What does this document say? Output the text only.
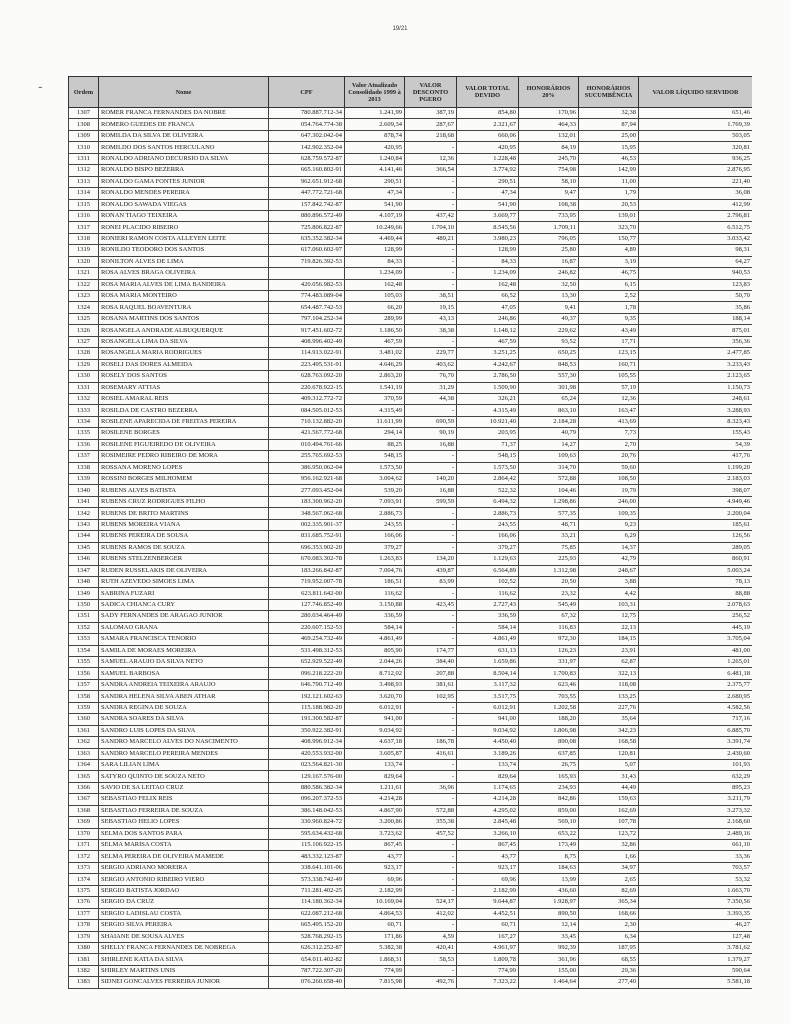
19/21
-	Ordem	Nome	CPF	Valor Atualizado Consolidado 1999 à 2013	VALOR DESCONTO PGERO	VALOR TOTAL DEVIDO	HONORÁRIOS 20%	HONORÁRIOS SUCUMBÊNCIA	VALOR LÍQUIDO SERVIDOR
1307	ROMER FRANCA FERNANDES DA NOBRE	780.887.712-34	1.241,99	387,19	854,80	170,96	32,38	651,46
1308	ROMERO GUEDES DE FRANCA	054.764.774-38	2.609,34	287,67	2.321,67	464,33	87,94	1.769,39
1309	ROMILDA DA SILVA DE OLIVEIRA	647.302.042-04	878,74	218,68	660,06	132,01	25,00	503,05
1310	ROMILDO DOS SANTOS HERCULANO	142.902.352-04	420,95	-	420,95	84,19	15,95	320,81
1311	RONALDO ADRIANO DECURSIO DA SILVA	628.759.572-87	1.240,84	12,36	1.228,48	245,70	46,53	936,25
1312	RONALDO BISPO BEZERRA	665.160.802-91	4.141,46	366,54	3.774,92	754,98	142,99	2.876,95
1313	RONALDO GAMA FONTES JUNIOR	962.651.912-68	290,51	-	290,51	58,10	11,00	221,40
1314	RONALDO MENDES PEREIRA	447.772.721-68	47,34	-	47,34	9,47	1,79	36,08
1315	RONALDO SAWADA VIEGAS	157.842.742-87	541,90	-	541,90	108,38	20,53	412,99
1316	RONAN TIAGO TEIXEIRA	880.896.572-49	4.107,19	437,42	3.669,77	733,95	139,01	2.796,81
1317	RONEI PLACIDO RIBEIRO	725.806.822-87	10.249,66	1.704,10	8.545,56	1.709,11	323,70	6.512,75
1318	RONIERI RAMON COSTA ALLEYEN LEITE	635.352.382-34	4.469,44	489,21	3.980,23	796,05	150,77	3.033,42
1319	RONILDO TEODORO DOS SANTOS	617.060.602-97	128,99	-	128,99	25,80	4,89	98,31
1320	RONILTON ALVES DE LIMA	719.826.392-53	84,33	-	84,33	16,87	3,19	64,27
1321	ROSA ALVES BRAGA OLIVEIRA		1.234,09	-	1.234,09	246,82	46,75	940,53
1322	ROSA MARIA ALVES DE LIMA BANDEIRA	420.056.982-53	162,48	-	162,48	32,50	6,15	123,83
1323	ROSA MARIA MONTEIRO	774.483.089-04	105,03	38,51	66,52	13,30	2,52	50,70
1324	ROSA RAQUEL BOAVENTURA	654.487.742-53	66,20	19,15	47,05	9,41	1,78	35,86
1325	ROSANA MARTINS DOS SANTOS	797.104.252-34	289,99	43,13	246,86	49,37	9,35	188,14
1326	ROSANGELA ANDRADE ALBUQUERQUE	917.451.602-72	1.186,50	38,38	1.148,12	229,62	43,49	875,01
1327	ROSANGELA LIMA DA SILVA	408.996.402-49	467,59	-	467,59	93,52	17,71	356,36
1328	ROSANGELA MARIA RODRIGUES	114.913.022-91	3.481,02	229,77	3.251,25	650,25	123,15	2.477,85
1329	ROSELI DAS DORES ALMEIDA	223.495.531-91	4.646,29	403,62	4.242,67	848,53	160,71	3.233,43
1330	ROSELY DOS SANTOS	628.763.092-20	2.863,20	76,70	2.786,50	557,30	105,55	2.123,65
1331	ROSEMARY ATTIAS	220.678.922-15	1.541,19	31,29	1.509,90	301,98	57,19	1.150,73
1332	ROSIEL AMARAL REIS	409.312.772-72	370,59	44,38	326,21	65,24	12,36	248,61
1333	ROSILDA DE CASTRO BEZERRA	084.505.012-53	4.315,49	-	4.315,49	863,10	163,47	3.288,93
1334	ROSILENE APARECIDA DE FREITAS PEREIRA	710.132.882-20	11.611,99	690,59	10.921,40	2.184,28	413,69	8.323,43
1335	ROSILENE BORGES	421.567.772-68	294,14	90,19	203,95	40,79	7,73	155,43
1336	ROSILENE FIGUEIREDO DE OLIVEIRA	010.494.761-66	88,25	16,88	71,37	14,27	2,70	54,39
1337	ROSIMEIRE PEDRO RIBEIRO DE MORA	255.765.692-53	548,15	-	548,15	109,63	20,76	417,76
1338	ROSSANA MORENO LOPES	386.950.062-04	1.573,50	-	1.573,50	314,70	59,60	1.199,20
1339	ROSSINI BORGES MILHOMEM	956.162.921-68	3.004,62	140,20	2.864,42	572,88	108,50	2.183,03
1340	RUBENS ALVES BATISTA	277.093.452-04	539,20	16,88	522,32	104,46	19,79	398,07
1341	RUBENS CRUZ RODRIGUES FILHO	183.300.962-20	7.093,91	599,59	6.494,32	1.298,86	246,00	4.949,46
1342	RUBENS DE BRITO MARTINS	348.567.062-68	2.886,73	-	2.886,73	577,35	109,35	2.200,04
1343	RUBENS MOREIRA VIANA	002.335.901-37	243,55	-	243,55	48,71	9,23	185,61
1344	RUBENS PEREIRA DE SOUSA	831.685.752-91	166,06	-	166,06	33,21	6,29	126,56
1345	RUBENS RAMOS DE SOUZA	696.353.902-20	379,27	-	379,27	75,85	14,37	289,05
1346	RUBENS STELZENBERGER	670.083.302-78	1.263,83	134,20	1.129,63	225,93	42,79	860,91
1347	RUDEN RUSSELAKIS DE OLIVEIRA	183.266.842-87	7.004,76	439,87	6.564,89	1.312,98	248,67	5.003,24
1348	RUTH AZEVEDO SIMOES LIMA	719.952.007-78	186,51	83,99	102,52	20,50	3,88	78,13
1349	SABRINA FUZARI	623.811.642-00	116,62	-	116,62	23,32	4,42	88,88
1350	SADICA CHIANCA CURY	127.746.852-49	3.150,88	423,45	2.727,43	545,49	103,31	2.078,63
1351	SADY FERNANDES DE ARAGAO JUNIOR	280.034.464-49	336,59	-	336,59	67,32	12,75	256,52
1352	SALOMAO GRANA	220.607.152-53	584,14	-	584,14	116,83	22,13	445,19
1353	SAMARA FRANCISCA TENORIO	469.254.732-49	4.861,49	-	4.861,49	972,30	184,15	3.705,04
1354	SAMILA DE MORAES MOREIRA	531.498.312-53	805,90	174,77	631,13	126,23	23,91	481,00
1355	SAMUEL ARAUJO DA SILVA NETO	652.929.522-49	2.044,26	384,40	1.659,86	331,97	62,87	1.265,01
1356	SAMUEL BARBOSA	096.218.222-20	8.712,02	207,88	8.504,14	1.700,83	322,13	6.481,18
1357	SANDRA ANDREIA TEIXEIRA ARAUJO	646.790.712-49	3.498,93	381,61	3.117,32	623,46	118,08	2.375,77
1358	SANDRA HELENA SILVA ABEN ATHAR	192.121.602-63	3.620,70	102,95	3.517,75	703,55	133,25	2.680,95
1359	SANDRA REGINA DE SOUZA	115.188.982-20	6.012,91	-	6.012,91	1.202,58	227,76	4.582,56
1360	SANDRA SOARES DA SILVA	191.300.582-87	941,00	-	941,00	188,20	35,64	717,16
1361	SANDRO LUIS LOPES DA SILVA	350.922.382-91	9.034,92	-	9.034,92	1.806,98	342,23	6.885,70
1362	SANDRO MARCELO ALVES DO NASCIMENTO	408.996.912-34	4.637,18	186,78	4.450,40	890,08	168,58	3.391,74
1363	SANDRO MARCELO PEREIRA MENDES	420.553.932-00	3.605,87	416,61	3.189,26	637,85	120,81	2.430,60
1364	SARA LILIAN LIMA	023.564.821-30	133,74	-	133,74	26,75	5,07	101,93
1365	SATYRO QUINTO DE SOUZA NETO	129.167.576-00	829,64	-	829,64	165,93	31,43	632,29
1366	SAVIO DE SA LEITAO CRUZ	880.586.382-34	1.211,61	36,96	1.174,65	234,93	44,49	895,23
1367	SEBASTIAO FELIX REIS	096.207.372-53	4.214,28	-	4.214,28	842,86	159,63	3.211,79
1368	SEBASTIAO FERREIRA DE SOUZA	386.148.042-53	4.867,90	572,88	4.295,02	859,00	162,69	3.273,32
1369	SEBASTIAO HELIO LOPES	330.960.824-72	3.200,86	355,38	2.845,48	569,10	107,78	2.168,60
1370	SELMA DOS SANTOS PARA	595.634.432-68	3.723,62	457,52	3.266,10	653,22	123,72	2.489,16
1371	SELMA MARISA COSTA	115.106.922-15	867,45	-	867,45	173,49	32,86	661,10
1372	SELMA PEREIRA DE OLIVEIRA MAMEDE	483.332.123-87	43,77	-	43,77	8,75	1,66	33,36
1373	SERGIO ADRIANO MOREIRA	338.641.101-06	923,17	-	923,17	184,63	34,97	703,57
1374	SERGIO ANTONIO RIBEIRO VIERO	573.338.742-49	69,96	-	69,96	13,99	2,65	53,32
1375	SERGIO BATISTA JORDAO	711.281.402-25	2.182,99	-	2.182,99	436,60	82,69	1.663,70
1376	SERGIO DA CRUZ	114.180.362-34	10.169,04	524,17	9.644,87	1.928,97	365,34	7.350,56
1377	SERGIO LADISLAU COSTA	622.087.212-68	4.864,53	412,02	4.452,51	890,50	168,66	3.393,35
1378	SERGIO SILVA PEREIRA	665.495.152-20	60,71	-	60,71	12,14	2,30	46,27
1379	SHAIANE DE SOUSA ALVES	528.768.292-15	171,86	4,59	167,27	33,45	6,34	127,48
1380	SHELLY FRANCA FERNANDES DE NOBREGA	626.312.252-87	5.382,38	420,41	4.961,97	992,39	187,95	3.781,62
1381	SHIRLENE KATIA DA SILVA	654.011.402-82	1.868,31	58,53	1.809,78	361,96	68,55	1.379,27
1382	SHIRLEY MARTINS UNIS	787.722.307-20	774,99	-	774,99	155,00	29,36	590,64
1383	SIDNEI GONCALVES FERREIRA JUNIOR	076.260.658-40	7.815,98	492,76	7.323,22	1.464,64	277,40	5.581,18
